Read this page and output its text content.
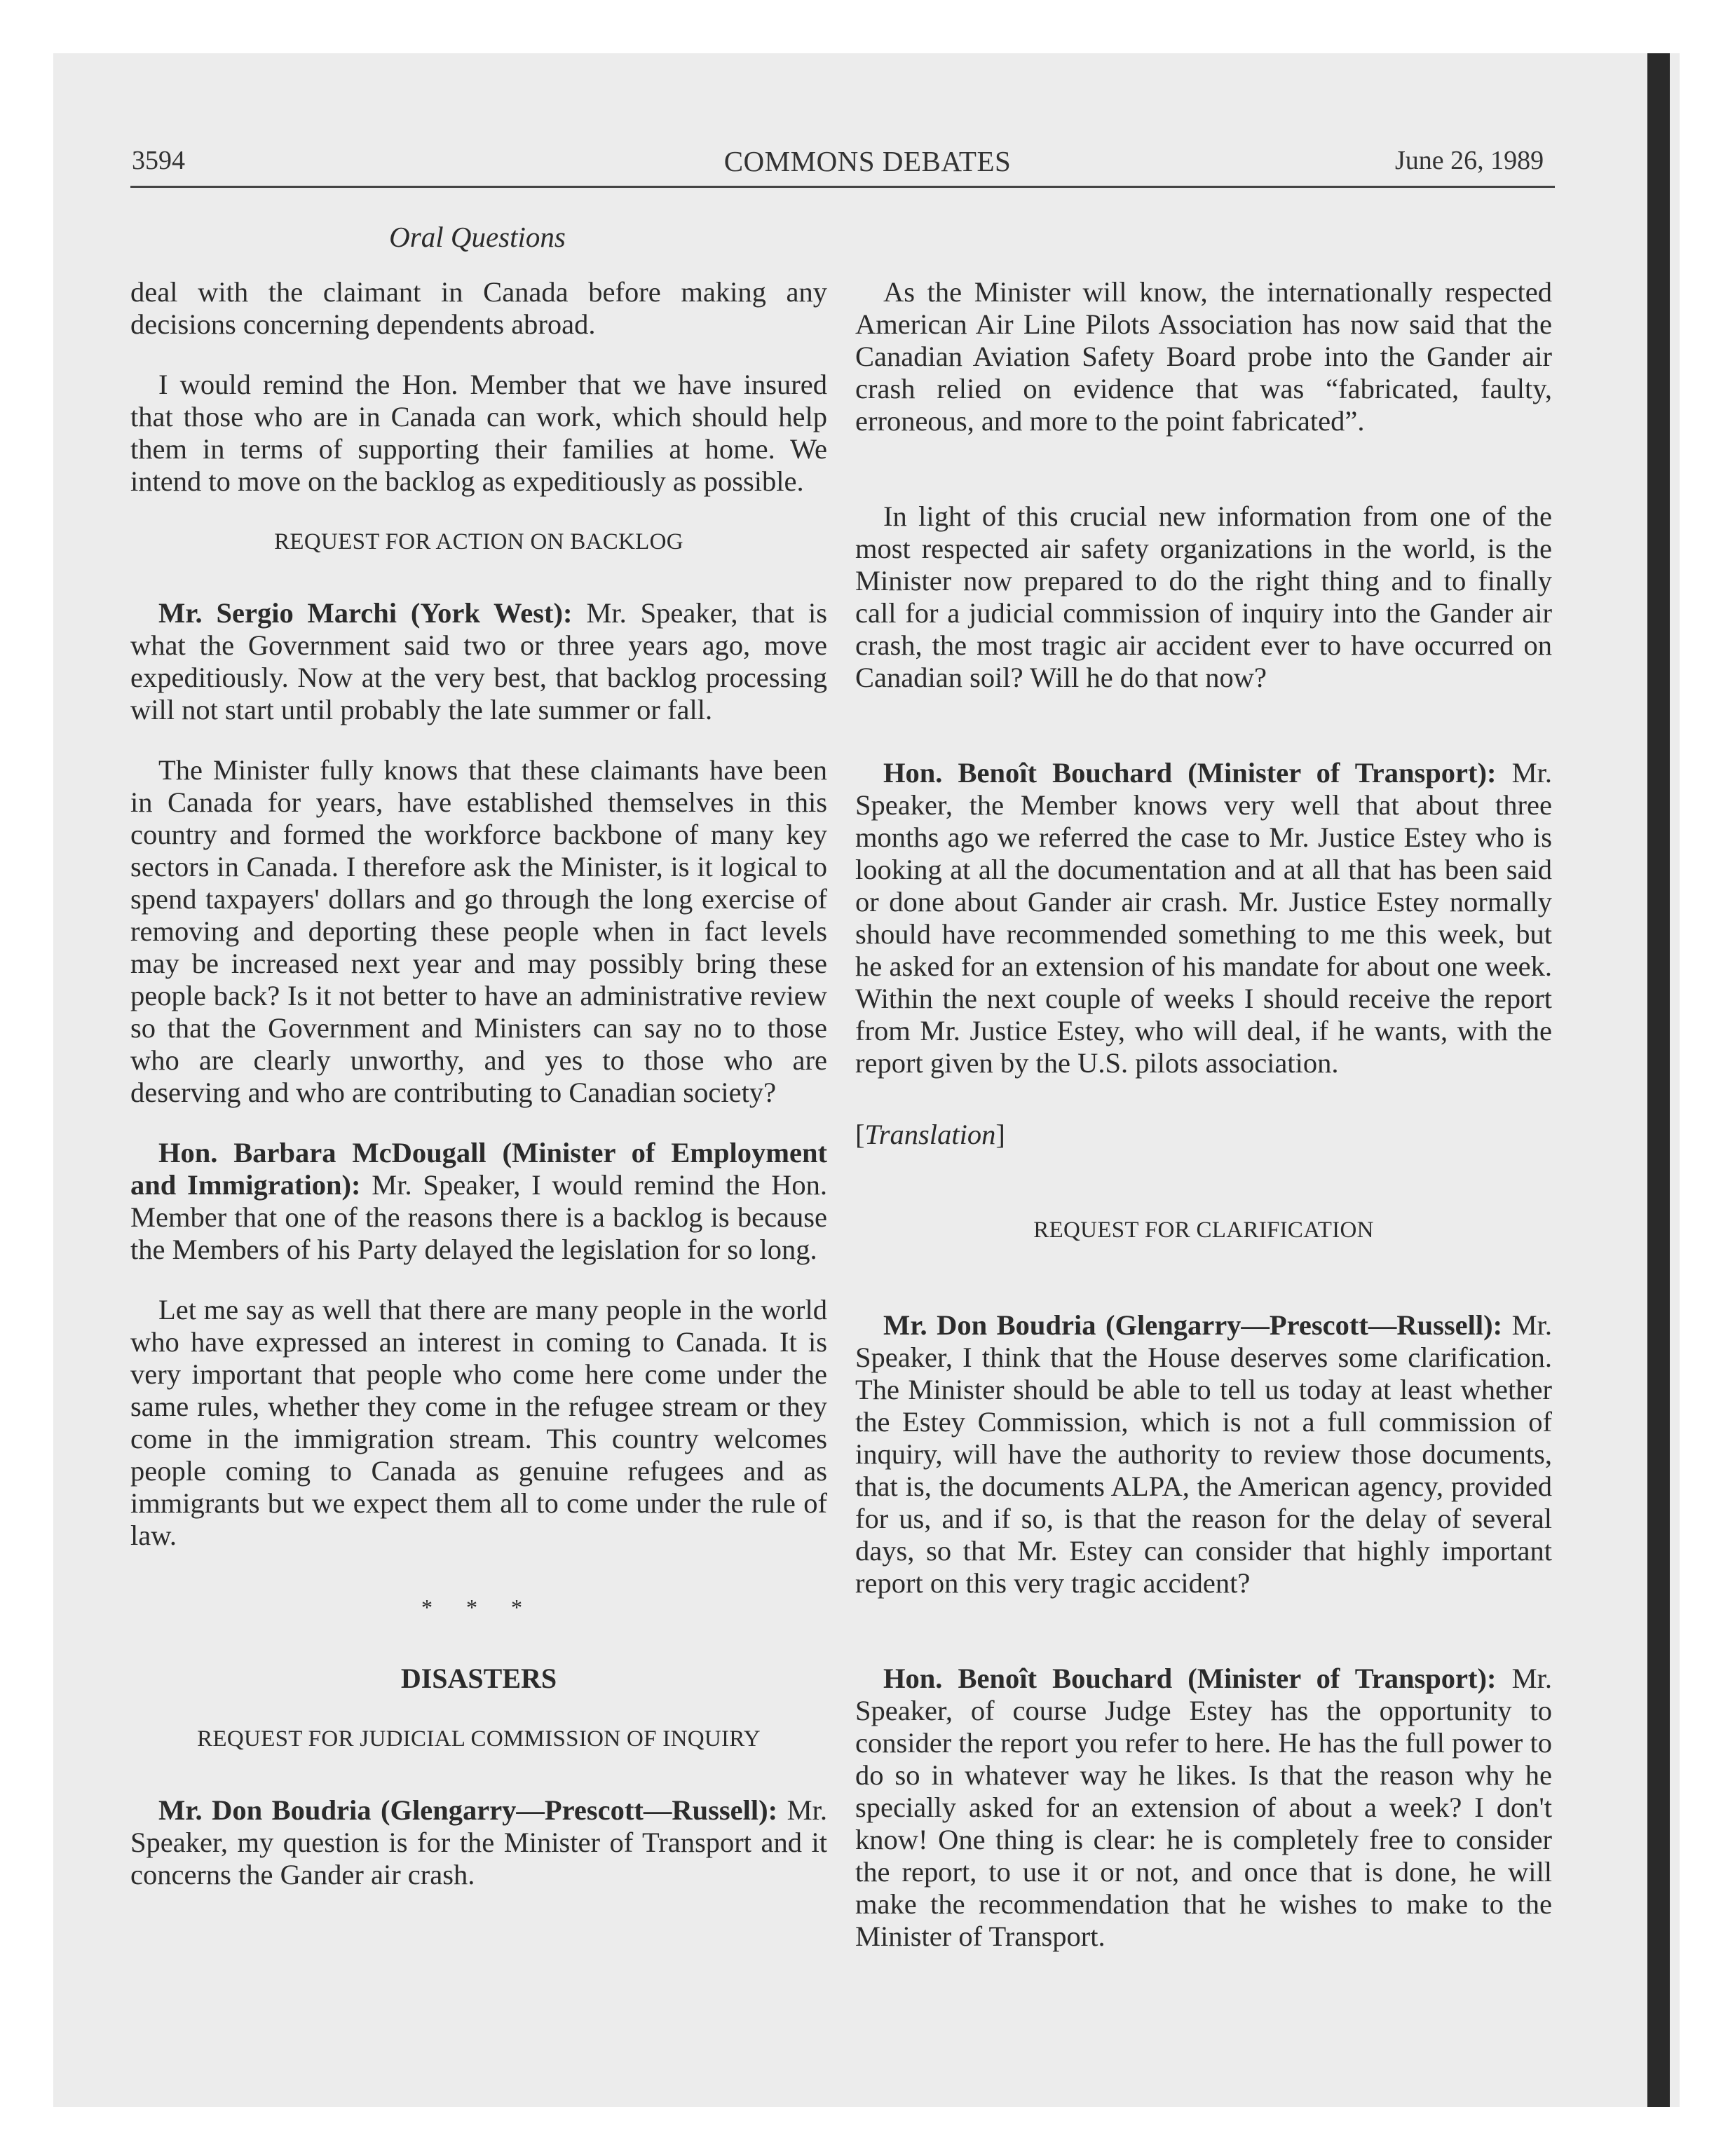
3594	COMMONS DEBATES	June 26, 1989
Oral Questions

deal with the claimant in Canada before making any decisions concerning dependents abroad.

I would remind the Hon. Member that we have insured that those who are in Canada can work, which should help them in terms of supporting their families at home. We intend to move on the backlog as expeditiously as possible.

REQUEST FOR ACTION ON BACKLOG

Mr. Sergio Marchi (York West): Mr. Speaker, that is what the Government said two or three years ago, move expeditiously. Now at the very best, that backlog processing will not start until probably the late summer or fall.

The Minister fully knows that these claimants have been in Canada for years, have established themselves in this country and formed the workforce backbone of many key sectors in Canada. I therefore ask the Minister, is it logical to spend taxpayers' dollars and go through the long exercise of removing and deporting these people when in fact levels may be increased next year and may possibly bring these people back? Is it not better to have an administrative review so that the Government and Ministers can say no to those who are clearly unworthy, and yes to those who are deserving and who are contributing to Canadian society?

Hon. Barbara McDougall (Minister of Employment and Immigration): Mr. Speaker, I would remind the Hon. Member that one of the reasons there is a backlog is because the Members of his Party delayed the legislation for so long.

Let me say as well that there are many people in the world who have expressed an interest in coming to Canada. It is very important that people who come here come under the same rules, whether they come in the refugee stream or they come in the immigration stream. This country welcomes people coming to Canada as genuine refugees and as immigrants but we expect them all to come under the rule of law.

* * *

DISASTERS

REQUEST FOR JUDICIAL COMMISSION OF INQUIRY

Mr. Don Boudria (Glengarry—Prescott—Russell): Mr. Speaker, my question is for the Minister of Transport and it concerns the Gander air crash.

As the Minister will know, the internationally respected American Air Line Pilots Association has now said that the Canadian Aviation Safety Board probe into the Gander air crash relied on evidence that was “fabricated, faulty, erroneous, and more to the point fabricated”.

In light of this crucial new information from one of the most respected air safety organizations in the world, is the Minister now prepared to do the right thing and to finally call for a judicial commission of inquiry into the Gander air crash, the most tragic air accident ever to have occurred on Canadian soil? Will he do that now?

Hon. Benoît Bouchard (Minister of Transport): Mr. Speaker, the Member knows very well that about three months ago we referred the case to Mr. Justice Estey who is looking at all the documentation and at all that has been said or done about Gander air crash. Mr. Justice Estey normally should have recommended something to me this week, but he asked for an extension of his mandate for about one week. Within the next couple of weeks I should receive the report from Mr. Justice Estey, who will deal, if he wants, with the report given by the U.S. pilots association.

[Translation]

REQUEST FOR CLARIFICATION

Mr. Don Boudria (Glengarry—Prescott—Russell): Mr. Speaker, I think that the House deserves some clarification. The Minister should be able to tell us today at least whether the Estey Commission, which is not a full commission of inquiry, will have the authority to review those documents, that is, the documents ALPA, the American agency, provided for us, and if so, is that the reason for the delay of several days, so that Mr. Estey can consider that highly important report on this very tragic accident?

Hon. Benoît Bouchard (Minister of Transport): Mr. Speaker, of course Judge Estey has the opportunity to consider the report you refer to here. He has the full power to do so in whatever way he likes. Is that the reason why he specially asked for an extension of about a week? I don't know! One thing is clear: he is completely free to consider the report, to use it or not, and once that is done, he will make the recommendation that he wishes to make to the Minister of Transport.
